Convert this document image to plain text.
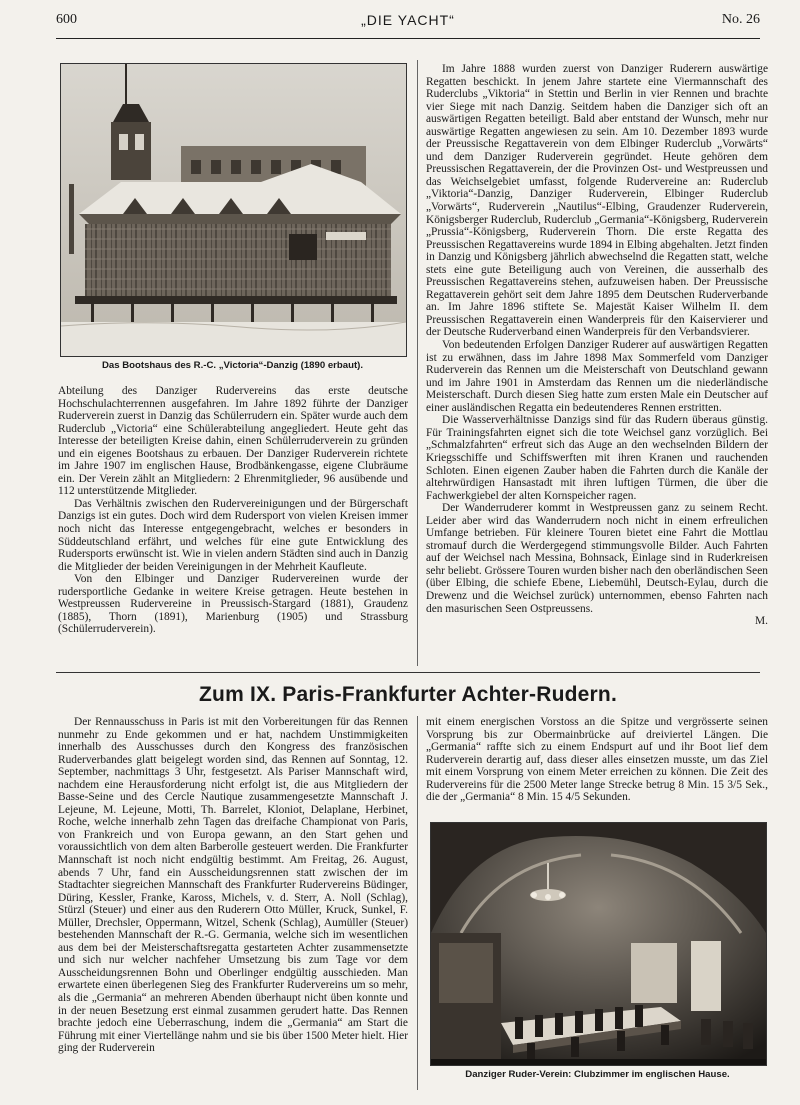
600	„DIE YACHT“	No. 26
Das Bootshaus des R.-C. „Victoria“-Danzig (1890 erbaut).

Abteilung des Danziger Rudervereins das erste deutsche Hochschulachterrennen ausgefahren. Im Jahre 1892 führte der Danziger Ruderverein zuerst in Danzig das Schülerrudern ein. Später wurde auch dem Ruderclub „Victoria“ eine Schülerabteilung angegliedert. Heute geht das Interesse der beteiligten Kreise dahin, einen Schülerruderverein zu gründen und ein eigenes Bootshaus zu erbauen. Der Danziger Ruderverein richtete im Jahre 1907 im englischen Hause, Brodbänkengasse, eigene Clubräume ein. Der Verein zählt an Mitgliedern: 2 Ehrenmitglieder, 96 ausübende und 112 unterstützende Mitglieder.

Das Verhältnis zwischen den Rudervereinigungen und der Bürgerschaft Danzigs ist ein gutes. Doch wird dem Rudersport von vielen Kreisen immer noch nicht das Interesse entgegengebracht, welches er besonders in Süddeutschland erfährt, und welches für eine gute Entwicklung des Rudersports erwünscht ist. Wie in vielen andern Städten sind auch in Danzig die Mitglieder der beiden Vereinigungen in der Mehrheit Kaufleute.

Von den Elbinger und Danziger Rudervereinen wurde der rudersportliche Gedanke in weitere Kreise getragen. Heute bestehen in Westpreussen Rudervereine in Preussisch-Stargard (1881), Graudenz (1885), Thorn (1891), Marienburg (1905) und Strassburg (Schülerruderverein).

Im Jahre 1888 wurden zuerst von Danziger Ruderern auswärtige Regatten beschickt. In jenem Jahre startete eine Viermannschaft des Ruderclubs „Viktoria“ in Stettin und Berlin in vier Rennen und brachte vier Siege mit nach Danzig. Seitdem haben die Danziger sich oft an auswärtigen Regatten beteiligt. Bald aber entstand der Wunsch, mehr nur auswärtige Regatten angewiesen zu sein. Am 10. Dezember 1893 wurde der Preussische Regattaverein von dem Elbinger Ruderclub „Vorwärts“ und dem Danziger Ruderverein gegründet. Heute gehören dem Preussischen Regattaverein, der die Provinzen Ost- und Westpreussen und das Weichselgebiet umfasst, folgende Rudervereine an: Ruderclub „Viktoria“-Danzig, Danziger Ruderverein, Elbinger Ruderclub „Vorwärts“, Ruderverein „Nautilus“-Elbing, Graudenzer Ruderverein, Königsberger Ruderclub, Ruderclub „Germania“-Königsberg, Ruderverein „Prussia“-Königsberg, Ruderverein Thorn. Die erste Regatta des Preussischen Regattavereins wurde 1894 in Elbing abgehalten. Jetzt finden in Danzig und Königsberg jährlich abwechselnd die Regatten statt, welche stets eine gute Beteiligung auch von Vereinen, die ausserhalb des Preussischen Regattavereins stehen, aufzuweisen haben. Der Preussische Regattaverein gehört seit dem Jahre 1895 dem Deutschen Ruderverbande an. Im Jahre 1896 stiftete Se. Majestät Kaiser Wilhelm II. dem Preussischen Regattaverein einen Wanderpreis für den Kaiservierer und der Deutsche Ruderverband einen Wanderpreis für den Verbandsvierer.

Von bedeutenden Erfolgen Danziger Ruderer auf auswärtigen Regatten ist zu erwähnen, dass im Jahre 1898 Max Sommerfeld vom Danziger Ruderverein das Rennen um die Meisterschaft von Deutschland gewann und im Jahre 1901 in Amsterdam das Rennen um die niederländische Meisterschaft. Durch diesen Sieg hatte zum ersten Male ein Deutscher auf einer ausländischen Regatta ein bedeutenderes Rennen erstritten.

Die Wasserverhältnisse Danzigs sind für das Rudern überaus günstig. Für Trainingsfahrten eignet sich die tote Weichsel ganz vorzüglich. Bei „Schmalzfahrten“ erfreut sich das Auge an den wechselnden Bildern der Kriegsschiffe und Schiffswerften mit ihren Kranen und rauchenden Schloten. Einen eigenen Zauber haben die Fahrten durch die Kanäle der altehrwürdigen Hansastadt mit ihren luftigen Türmen, die über die Fachwerkgiebel der alten Kornspeicher ragen.

Der Wanderruderer kommt in Westpreussen ganz zu seinem Recht. Leider aber wird das Wanderrudern noch nicht in einem erfreulichen Umfange betrieben. Für kleinere Touren bietet eine Fahrt die Mottlau stromauf durch die Werdergegend stimmungsvolle Bilder. Auch Fahrten auf der Weichsel nach Messina, Bohnsack, Einlage sind in Ruderkreisen sehr beliebt. Grössere Touren wurden bisher nach den oberländischen Seen (über Elbing, die schiefe Ebene, Liebemühl, Deutsch-Eylau, durch die Drewenz und die Weichsel zurück) unternommen, ebenso Fahrten nach den masurischen Seen Ostpreussens.

M.

Zum IX. Paris-Frankfurter Achter-Rudern.

Der Rennausschuss in Paris ist mit den Vorbereitungen für das Rennen nunmehr zu Ende gekommen und er hat, nachdem Unstimmigkeiten innerhalb des Ausschusses durch den Kongress des französischen Ruderverbandes glatt beigelegt worden sind, das Rennen auf Sonntag, 12. September, nachmittags 3 Uhr, festgesetzt. Als Pariser Mannschaft wird, nachdem eine Herausforderung nicht erfolgt ist, die aus Mitgliedern der Basse-Seine und des Cercle Nautique zusammengesetzte Mannschaft J. Lejeune, M. Lejeune, Motti, Th. Barrelet, Kloniot, Delaplane, Herbinet, Roche, welche innerhalb zehn Tagen das dreifache Championat von Paris, von Frankreich und von Europa gewann, an den Start gehen und voraussichtlich von dem alten Barberolle gesteuert werden. Die Frankfurter Mannschaft ist noch nicht endgültig bestimmt. Am Freitag, 26. August, abends 7 Uhr, fand ein Ausscheidungsrennen statt zwischen der im Stadtachter siegreichen Mannschaft des Frankfurter Rudervereins Büdinger, Düring, Kessler, Franke, Kaross, Michels, v. d. Sterr, A. Noll (Schlag), Stürzl (Steuer) und einer aus den Ruderern Otto Müller, Kruck, Sunkel, F. Müller, Drechsler, Oppermann, Witzel, Schenk (Schlag), Aumüller (Steuer) bestehenden Mannschaft der R.-G. Germania, welche sich im wesentlichen aus dem bei der Meisterschaftsregatta gestarteten Achter zusammensetzte und sich nur welcher nachfeher Umsetzung bis zum Tage vor dem Ausscheidungsrennen Bohn und Oberlinger endgültig ausschieden. Man erwartete einen überlegenen Sieg des Frankfurter Rudervereins um so mehr, als die „Germania“ an mehreren Abenden überhaupt nicht üben konnte und in der neuen Besetzung erst einmal zusammen gerudert hatte. Das Rennen brachte jedoch eine Ueberraschung, indem die „Germania“ am Start die Führung mit einer Viertellänge nahm und sie bis über 1500 Meter hielt. Hier ging der Ruderverein

mit einem energischen Vorstoss an die Spitze und vergrösserte seinen Vorsprung bis zur Obermainbrücke auf dreiviertel Längen. Die „Germania“ raffte sich zu einem Endspurt auf und ihr Boot lief dem Ruderverein derartig auf, dass dieser alles einsetzen musste, um das Ziel mit einem Vorsprung von einem Meter erreichen zu können. Die Zeit des Rudervereins für die 2500 Meter lange Strecke betrug 8 Min. 15 3/5 Sek., die der „Germania“ 8 Min. 15 4/5 Sekunden.

Danziger Ruder-Verein: Clubzimmer im englischen Hause.
